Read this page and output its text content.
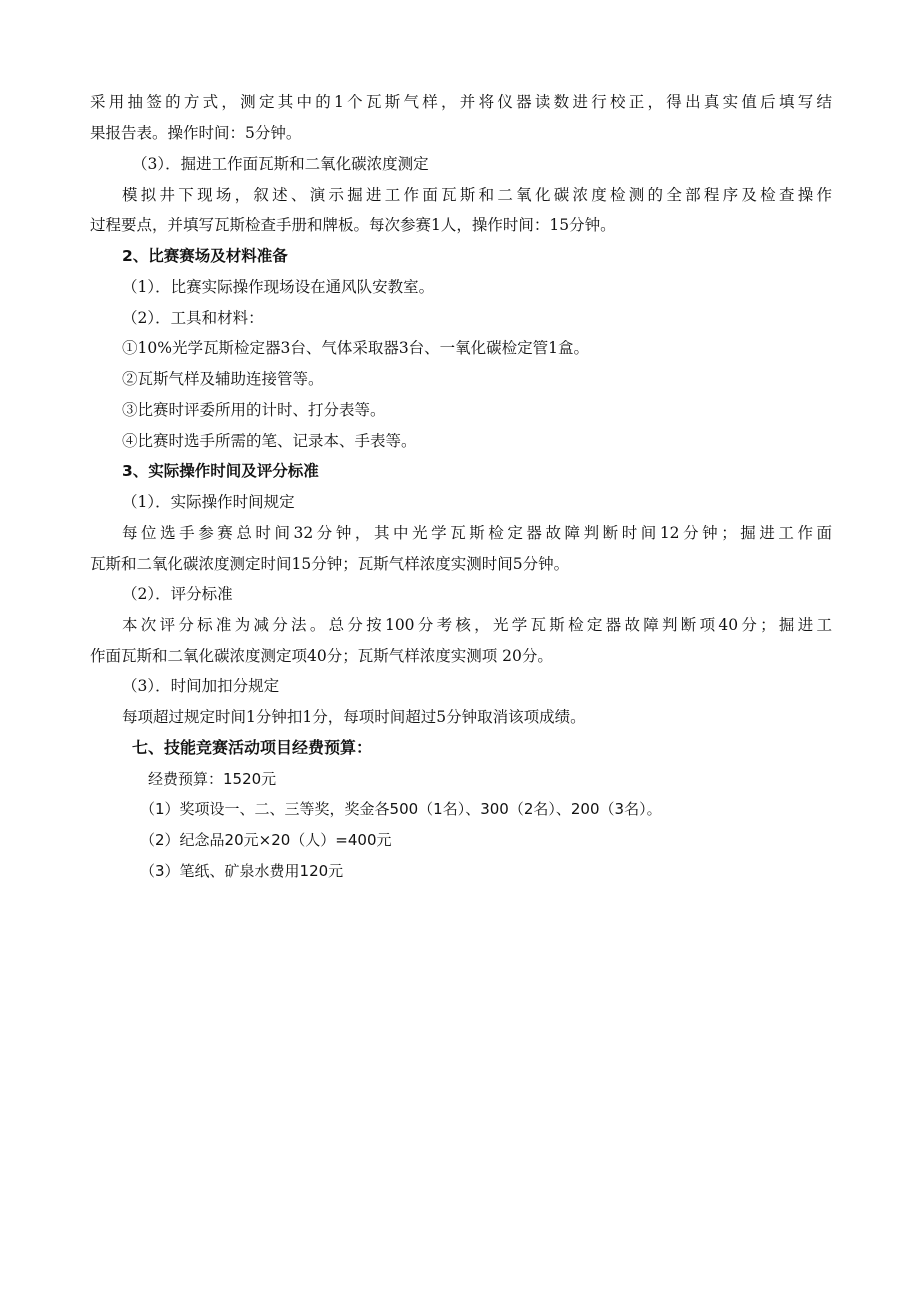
采用抽签的方式，测定其中的1个瓦斯气样，并将仪器读数进行校正，得出真实值后填写结
果报告表。操作时间：5分钟。
（3）．掘进工作面瓦斯和二氧化碳浓度测定
模拟井下现场，叙述、演示掘进工作面瓦斯和二氧化碳浓度检测的全部程序及检查操作
过程要点，并填写瓦斯检查手册和牌板。每次参赛1人，操作时间：15分钟。
2、比赛赛场及材料准备
（1）．比赛实际操作现场设在通风队安教室。
（2）．工具和材料：
①10%光学瓦斯检定器3台、气体采取器3台、一氧化碳检定管1盒。
②瓦斯气样及辅助连接管等。
③比赛时评委所用的计时、打分表等。
④比赛时选手所需的笔、记录本、手表等。
3、实际操作时间及评分标准
（1）．实际操作时间规定
每位选手参赛总时间32分钟，其中光学瓦斯检定器故障判断时间12分钟；掘进工作面
瓦斯和二氧化碳浓度测定时间15分钟；瓦斯气样浓度实测时间5分钟。
（2）．评分标准
本次评分标准为减分法。总分按100分考核，光学瓦斯检定器故障判断项40分；掘进工
作面瓦斯和二氧化碳浓度测定项40分；瓦斯气样浓度实测项 20分。
（3）．时间加扣分规定
每项超过规定时间1分钟扣1分，每项时间超过5分钟取消该项成绩。
七、技能竞赛活动项目经费预算：
经费预算：1520元
（1）奖项设一、二、三等奖，奖金各500（1名）、300（2名）、200（3名）。
（2）纪念品20元×20（人）=400元
（3）笔纸、矿泉水费用120元
